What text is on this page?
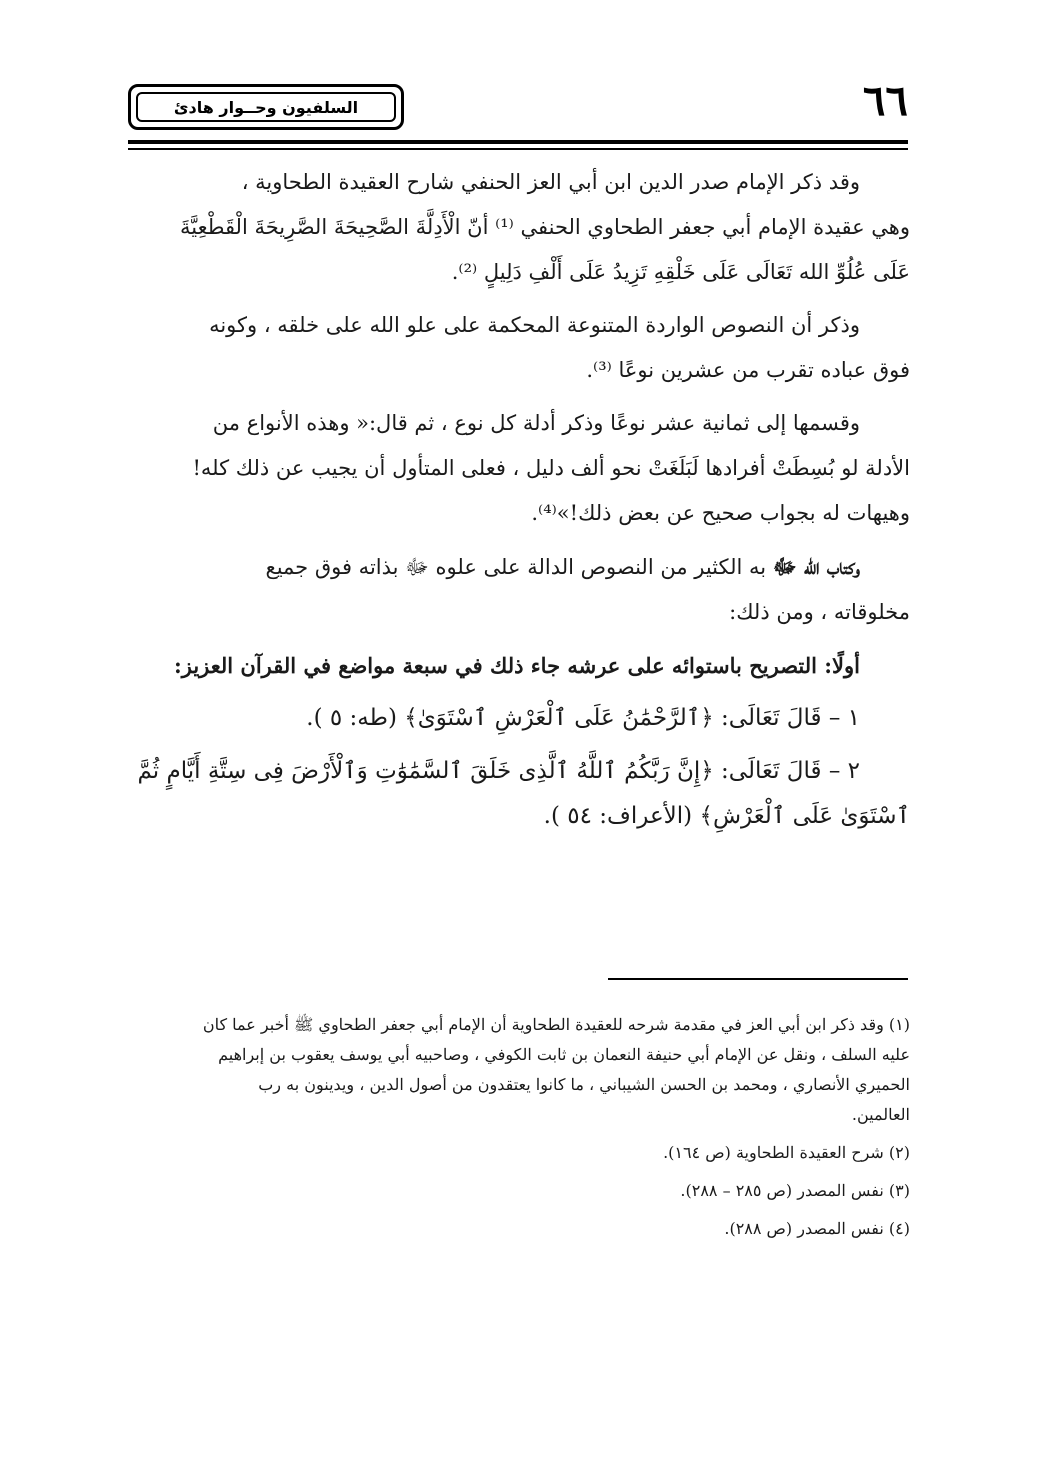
٦٦
السلفيون وحــوار هادئ

وقد ذكر الإمام صدر الدين ابن أبي العز الحنفي شارح العقيدة الطحاوية ،
وهي عقيدة الإمام أبي جعفر الطحاوي الحنفي ⁽¹⁾ أنّ الْأَدِلَّةَ الصَّحِيحَةَ الصَّرِيحَةَ الْقَطْعِيَّةَ
عَلَى عُلُوِّ الله تَعَالَى عَلَى خَلْقِهِ تَزِيدُ عَلَى أَلْفِ دَلِيلٍ ⁽²⁾.

وذكر أن النصوص الواردة المتنوعة المحكمة على علو الله على خلقه ، وكونه
فوق عباده تقرب من عشرين نوعًا ⁽³⁾.

وقسمها إلى ثمانية عشر نوعًا وذكر أدلة كل نوع ، ثم قال:« وهذه الأنواع من
الأدلة لو بُسِطَتْ أفرادها لَبَلَغَتْ نحو ألف دليل ، فعلى المتأول أن يجيب عن ذلك كله!
وهيهات له بجواب صحيح عن بعض ذلك!»⁽⁴⁾.

وكتاب الله ﷻ به الكثير من النصوص الدالة على علوه ﷻ بذاته فوق جميع
مخلوقاته ، ومن ذلك:

أولًا: التصريح باستوائه على عرشه جاء ذلك في سبعة مواضع في القرآن العزيز:

١ – قَالَ تَعَالَى: ﴿ٱلرَّحْمَٰنُ عَلَى ٱلْعَرْشِ ٱسْتَوَىٰ﴾ (طه: ٥ ).

٢ – قَالَ تَعَالَى: ﴿إِنَّ رَبَّكُمُ ٱللَّهُ ٱلَّذِى خَلَقَ ٱلسَّمَٰوَٰتِ وَٱلْأَرْضَ فِى سِتَّةِ أَيَّامٍ ثُمَّ
ٱسْتَوَىٰ عَلَى ٱلْعَرْشِ﴾ (الأعراف: ٥٤ ).

(١) وقد ذكر ابن أبي العز في مقدمة شرحه للعقيدة الطحاوية أن الإمام أبي جعفر الطحاوي ﷺ أخبر عما كان
عليه السلف ، ونقل عن الإمام أبي حنيفة النعمان بن ثابت الكوفي ، وصاحبيه أبي يوسف يعقوب بن إبراهيم
الحميري الأنصاري ، ومحمد بن الحسن الشيباني ، ما كانوا يعتقدون من أصول الدين ، ويدينون به رب
العالمين.

(٢) شرح العقيدة الطحاوية (ص ١٦٤).

(٣) نفس المصدر (ص ٢٨٥ – ٢٨٨).

(٤) نفس المصدر (ص ٢٨٨).
